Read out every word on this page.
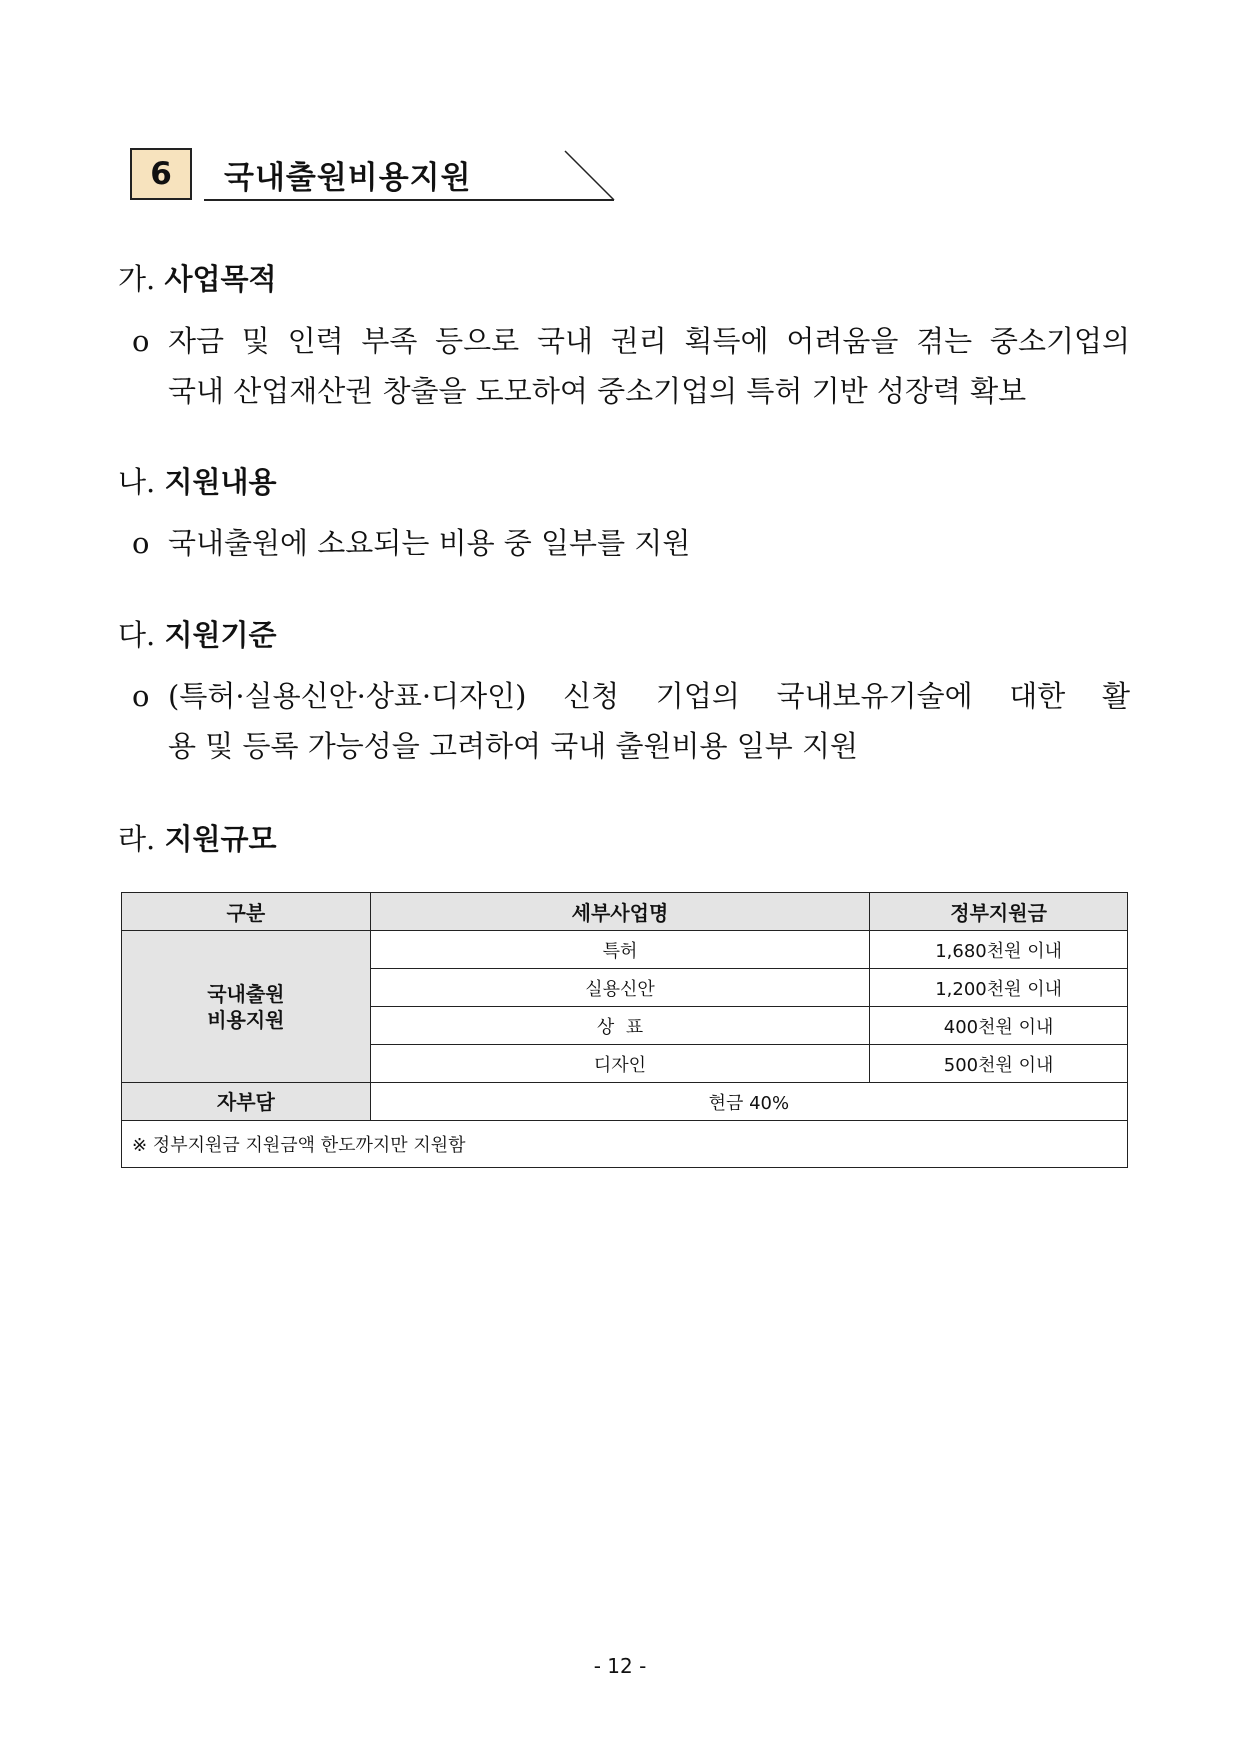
6	국내출원비용지원
가. 사업목적
o 자금 및 인력 부족 등으로 국내 권리 획득에 어려움을 겪는 중소기업의
국내 산업재산권 창출을 도모하여 중소기업의 특허 기반 성장력 확보
나. 지원내용
o 국내출원에 소요되는 비용 중 일부를 지원
다. 지원기준
o (특허·실용신안·상표·디자인) 신청 기업의 국내보유기술에 대한 활
용 및 등록 가능성을 고려하여 국내 출원비용 일부 지원
라. 지원규모
구분	세부사업명	정부지원금
국내출원
비용지원	특허	1,680천원 이내
	실용신안	1,200천원 이내
	상  표	400천원 이내
	디자인	500천원 이내
자부담	현금 40%	
※ 정부지원금 지원금액 한도까지만 지원함		
- 12 -
